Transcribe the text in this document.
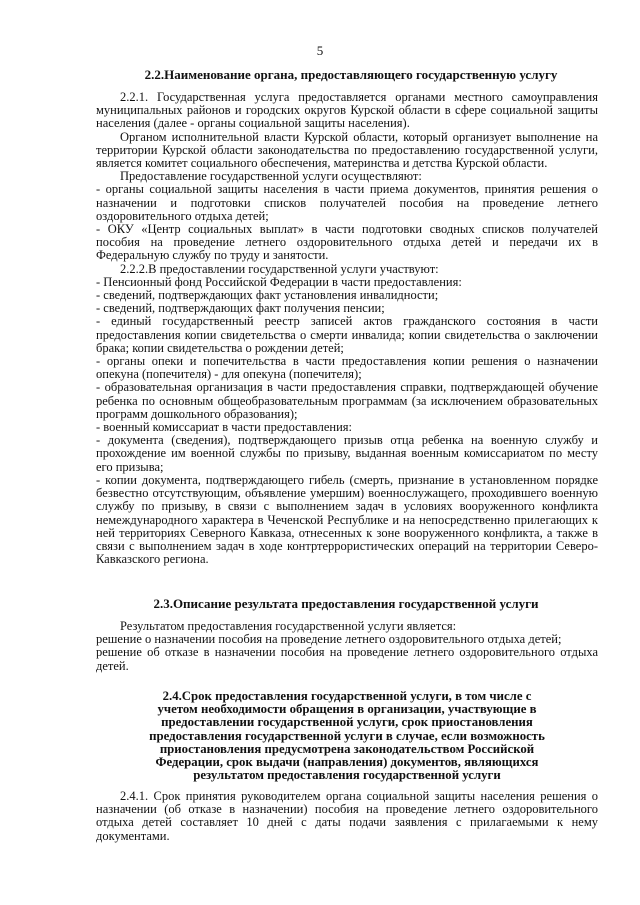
5
2.2.Наименование органа, предоставляющего государственную услугу

2.2.1. Государственная услуга предоставляется органами местного самоуправления муниципальных районов и городских округов Курской области в сфере социальной защиты населения (далее - органы социальной защиты населения).

Органом исполнительной власти Курской области, который организует выполнение на территории Курской области законодательства по предоставлению государственной услуги, является комитет социального обеспечения, материнства и детства Курской области.

Предоставление государственной услуги осуществляют:

- органы социальной защиты населения в части приема документов, принятия решения о назначении и подготовки списков получателей пособия на проведение летнего оздоровительного отдыха детей;

- ОКУ «Центр социальных выплат» в части подготовки сводных списков получателей пособия на проведение летнего оздоровительного отдыха детей и передачи их в Федеральную службу по труду и занятости.

2.2.2.В предоставлении государственной услуги участвуют:

- Пенсионный фонд Российской Федерации в части предоставления:

- сведений, подтверждающих факт установления инвалидности;

- сведений, подтверждающих факт получения пенсии;

- единый государственный реестр записей актов гражданского состояния в части предоставления копии свидетельства о смерти инвалида; копии свидетельства о заключении брака; копии свидетельства о рождении детей;

- органы опеки и попечительства в части предоставления копии решения о назначении опекуна (попечителя) - для опекуна (попечителя);

- образовательная организация в части предоставления справки, подтверждающей обучение ребенка по основным общеобразовательным программам (за исключением образовательных программ дошкольного образования);

- военный комиссариат в части предоставления:

- документа (сведения), подтверждающего призыв отца ребенка на военную службу и прохождение им военной службы по призыву, выданная военным комиссариатом по месту его призыва;

- копии документа, подтверждающего гибель (смерть, признание в установленном порядке безвестно отсутствующим, объявление умершим) военнослужащего, проходившего военную службу по призыву, в связи с выполнением задач в условиях вооруженного конфликта немеждународного характера в Чеченской Республике и на непосредственно прилегающих к ней территориях Северного Кавказа, отнесенных к зоне вооруженного конфликта, а также в связи с выполнением задач в ходе контртеррористических операций на территории Северо-Кавказского региона.

2.3.Описание результата предоставления государственной услуги

Результатом предоставления государственной услуги является:

решение о назначении пособия на проведение летнего оздоровительного отдыха детей;

решение об отказе в назначении пособия на проведение летнего оздоровительного отдыха детей.

2.4.Срок предоставления государственной услуги, в том числе с

учетом необходимости обращения в организации, участвующие в

предоставлении государственной услуги, срок приостановления

предоставления государственной услуги в случае, если возможность

приостановления предусмотрена законодательством Российской

Федерации, срок выдачи (направления) документов, являющихся

результатом предоставления государственной услуги

2.4.1. Срок принятия руководителем органа социальной защиты населения решения о назначении (об отказе в назначении) пособия на проведение летнего оздоровительного отдыха детей составляет 10 дней с даты подачи заявления с прилагаемыми к нему документами.
